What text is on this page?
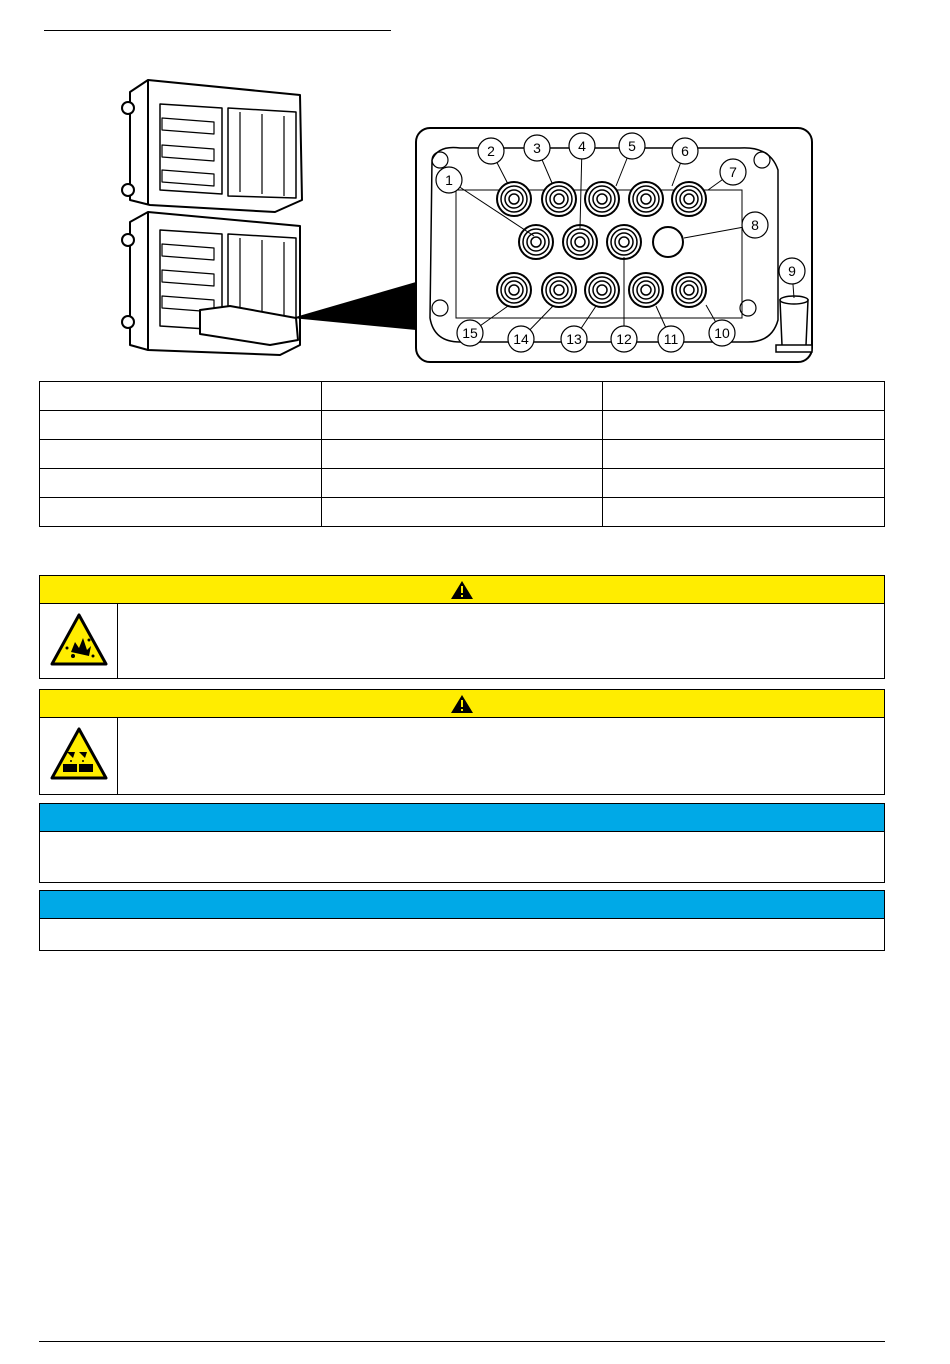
1
2	3	4	5	6
7
8
9
10
11
12
13
14
15
